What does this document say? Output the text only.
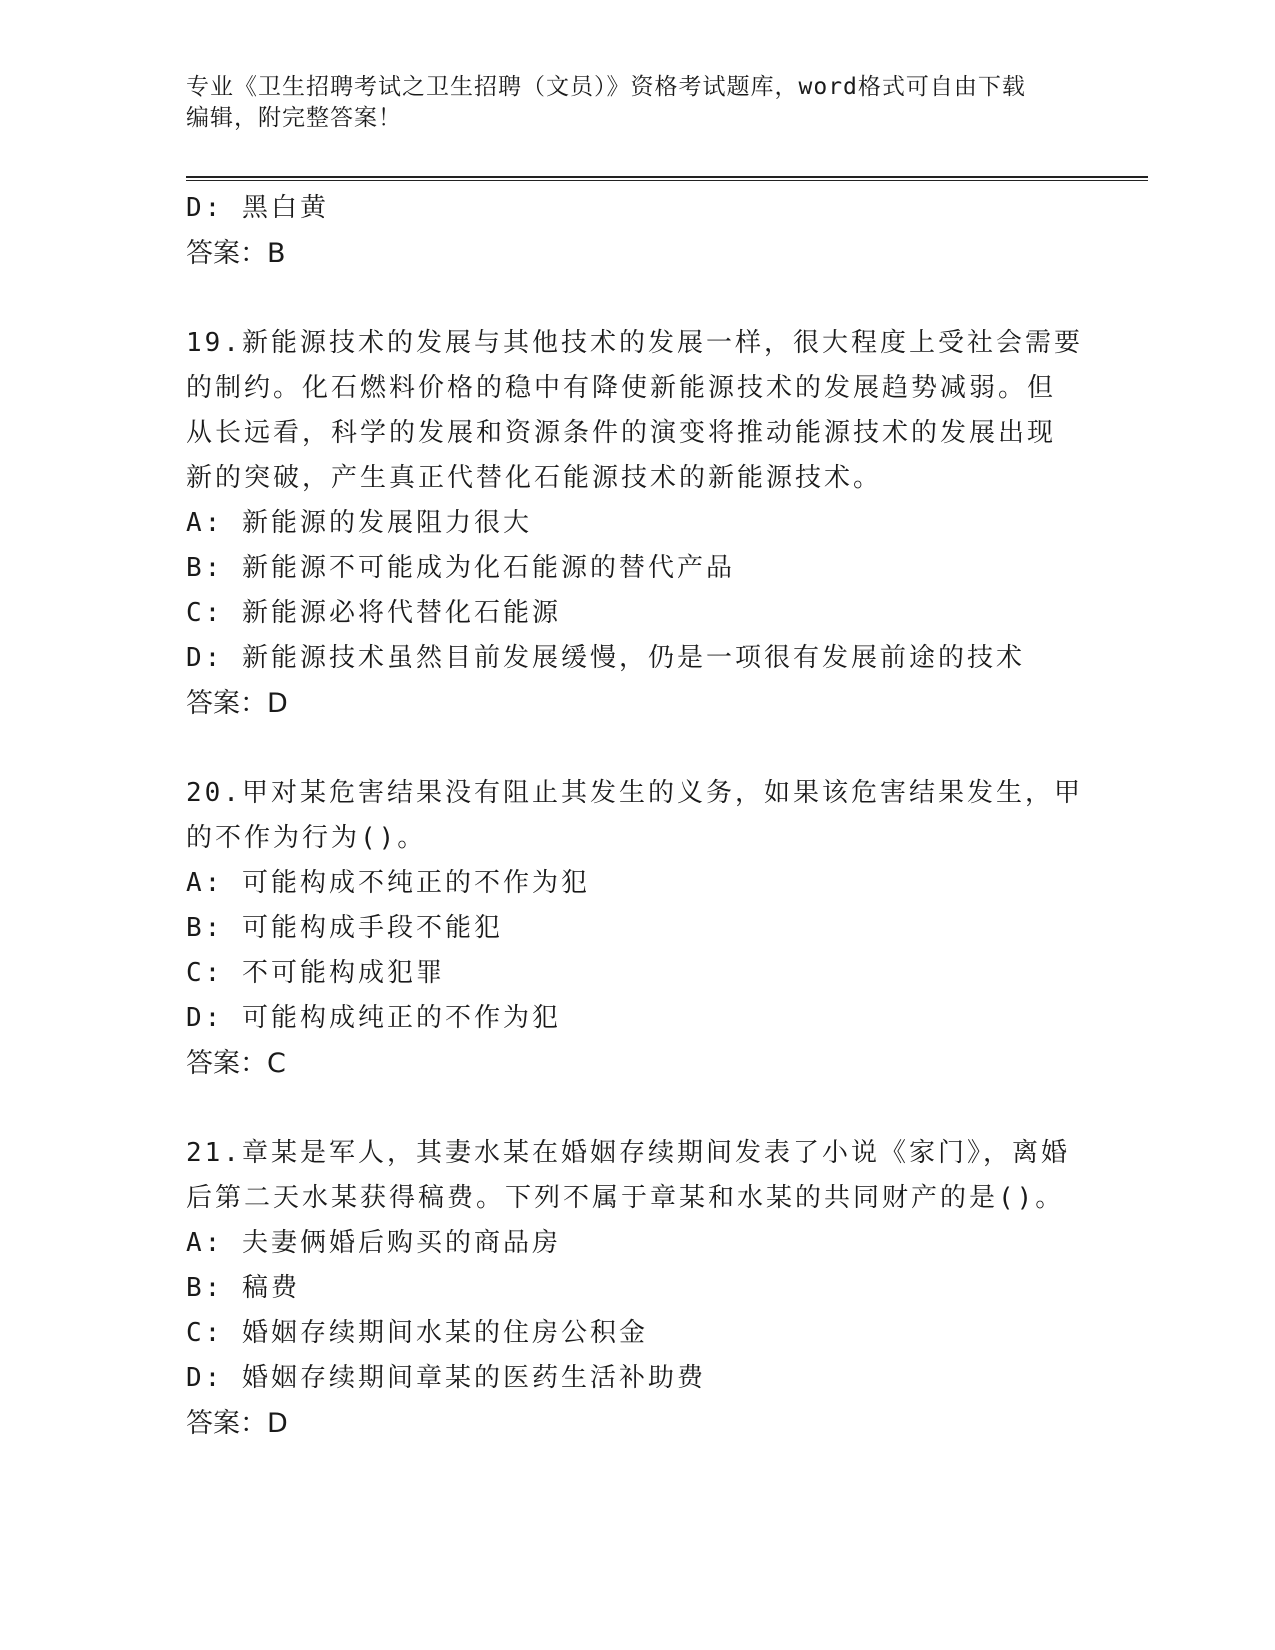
专业《卫生招聘考试之卫生招聘（文员）》资格考试题库，word格式可自由下载
编辑，附完整答案！
D: 黑白黄
答案：B
19.新能源技术的发展与其他技术的发展一样，很大程度上受社会需要
的制约。化石燃料价格的稳中有降使新能源技术的发展趋势减弱。但
从长远看，科学的发展和资源条件的演变将推动能源技术的发展出现
新的突破，产生真正代替化石能源技术的新能源技术。
A: 新能源的发展阻力很大
B: 新能源不可能成为化石能源的替代产品
C: 新能源必将代替化石能源
D: 新能源技术虽然目前发展缓慢，仍是一项很有发展前途的技术
答案：D
20.甲对某危害结果没有阻止其发生的义务，如果该危害结果发生，甲
的不作为行为()。
A: 可能构成不纯正的不作为犯
B: 可能构成手段不能犯
C: 不可能构成犯罪
D: 可能构成纯正的不作为犯
答案：C
21.章某是军人，其妻水某在婚姻存续期间发表了小说《家门》，离婚
后第二天水某获得稿费。下列不属于章某和水某的共同财产的是()。
A: 夫妻俩婚后购买的商品房
B: 稿费
C: 婚姻存续期间水某的住房公积金
D: 婚姻存续期间章某的医药生活补助费
答案：D
